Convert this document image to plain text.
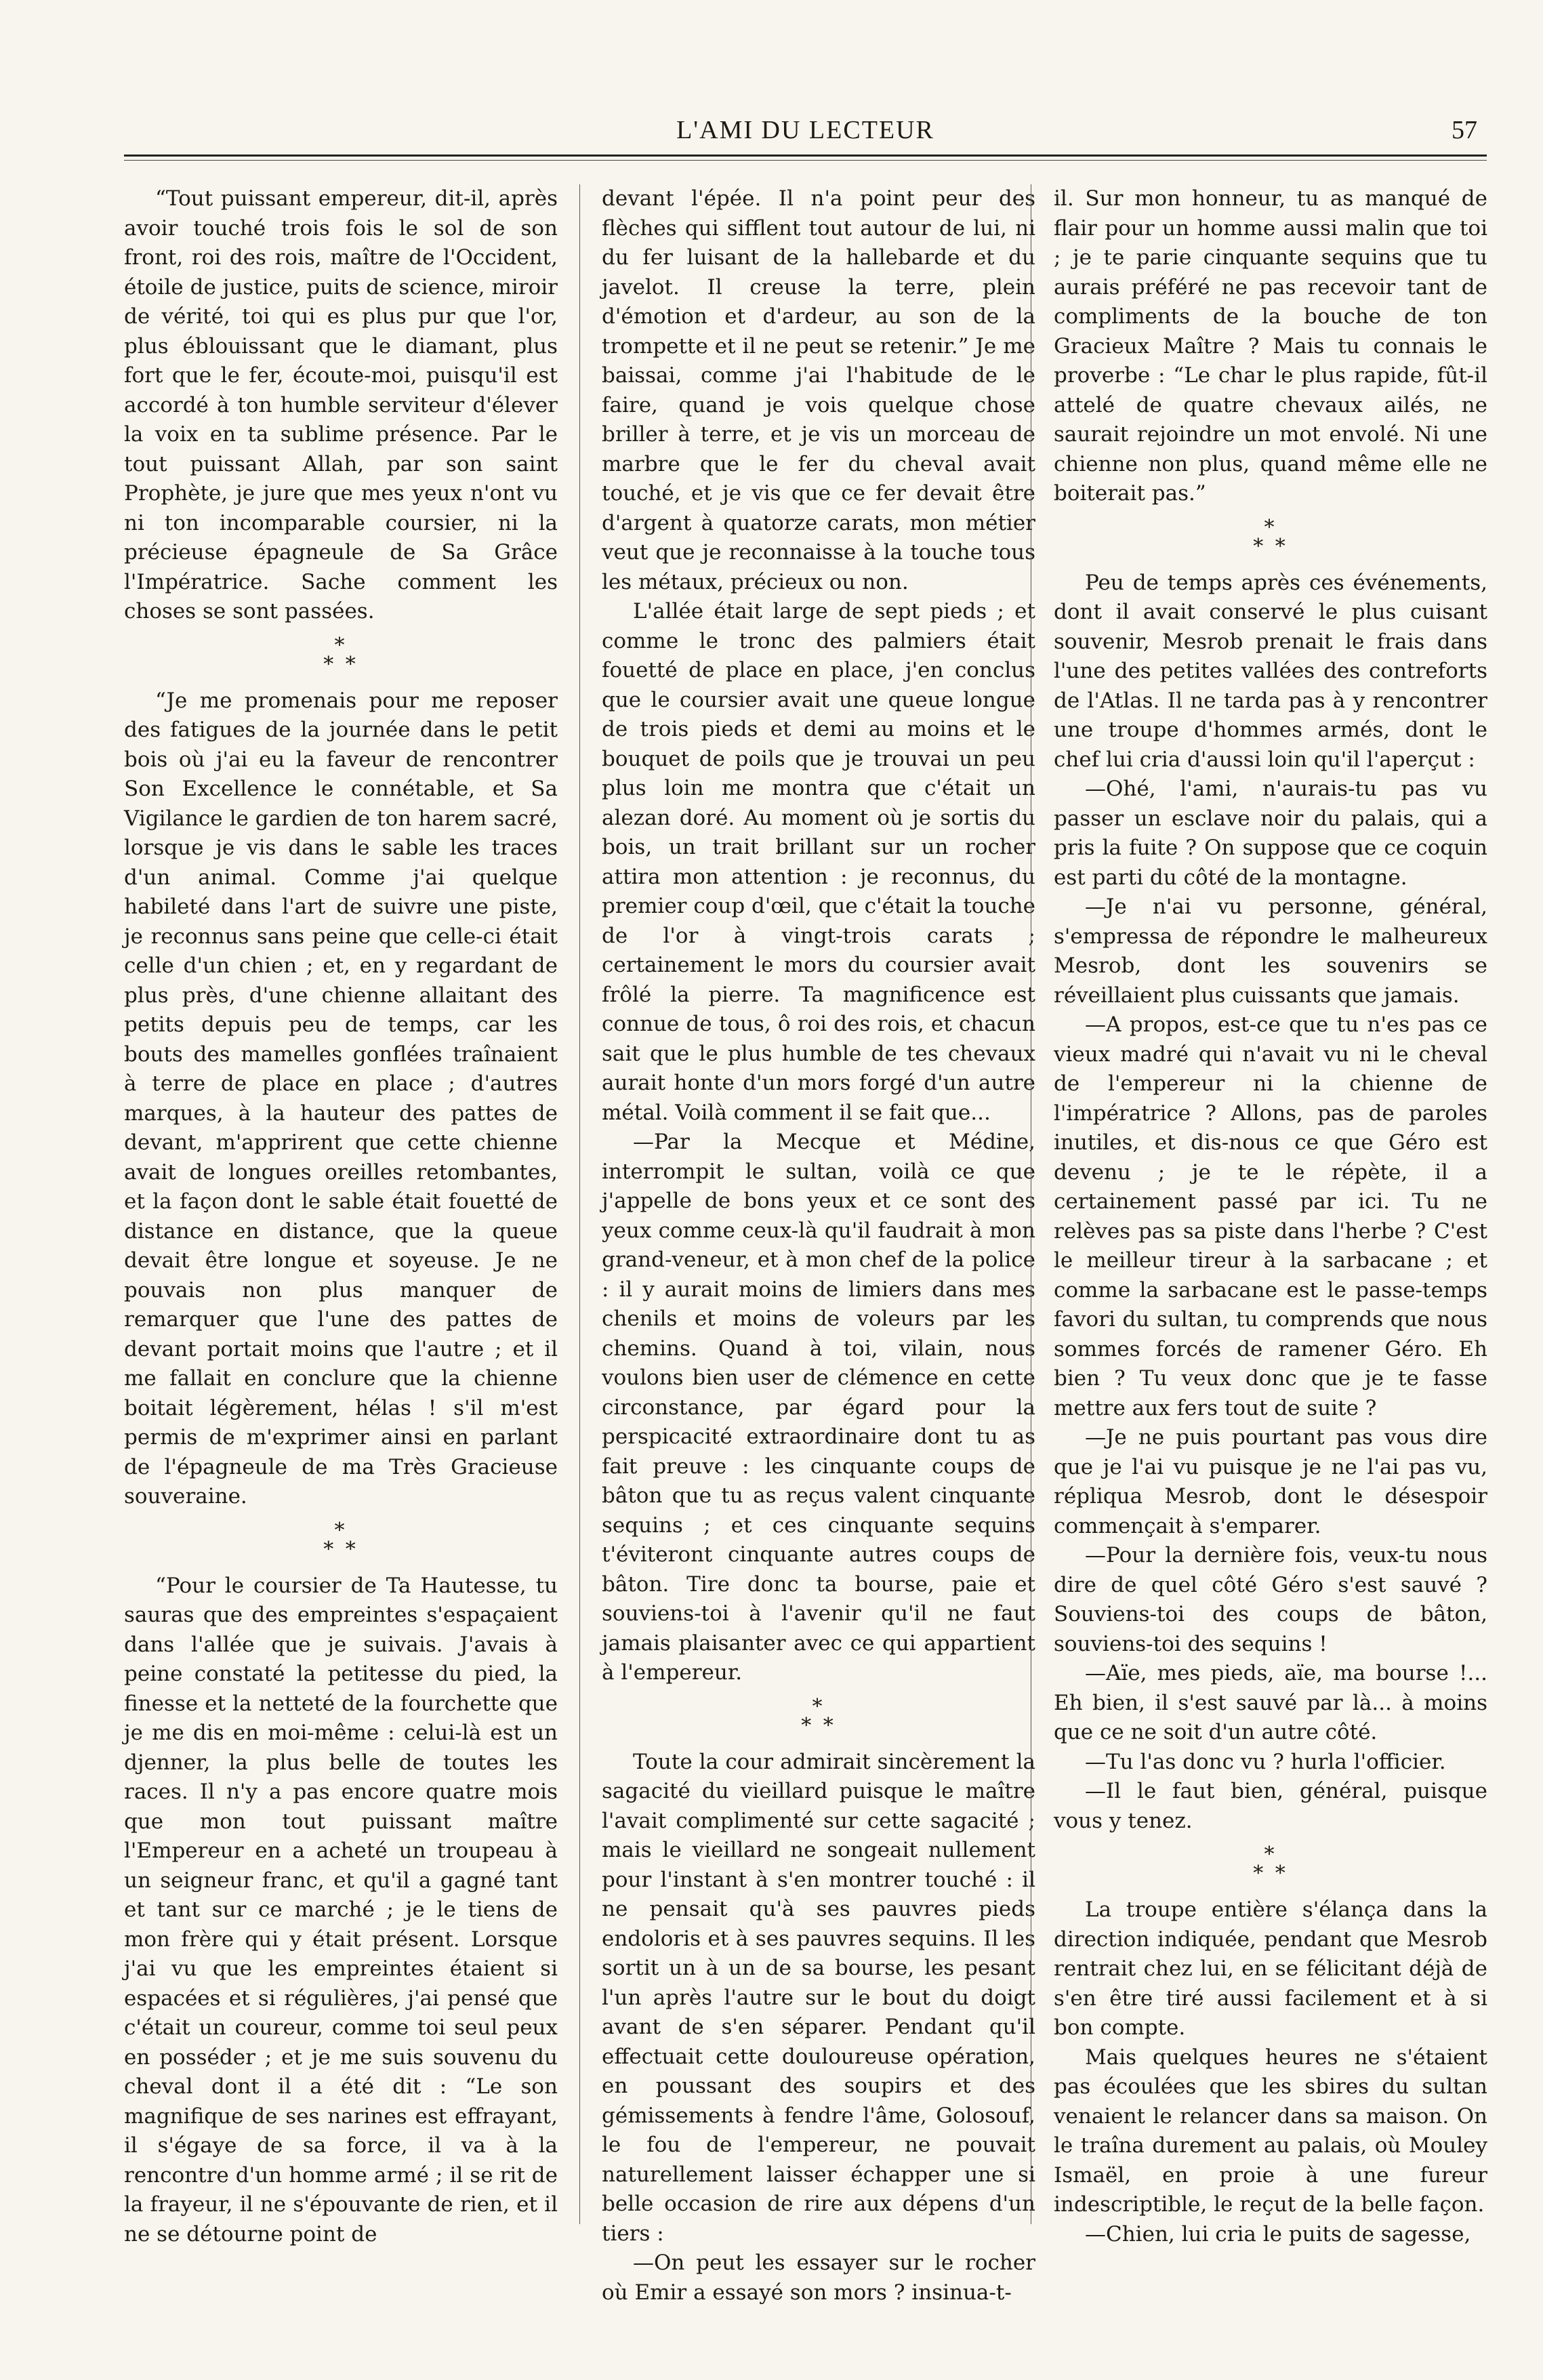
L'AMI DU LECTEUR	57

“Tout puissant empereur, dit-il, après avoir touché trois fois le sol de son front, roi des rois, maître de l'Occident, étoile de justice, puits de science, miroir de vérité, toi qui es plus pur que l'or, plus éblouissant que le diamant, plus fort que le fer, écoute-moi, puisqu'il est accordé à ton humble serviteur d'élever la voix en ta sublime présence. Par le tout puissant Allah, par son saint Prophète, je jure que mes yeux n'ont vu ni ton incomparable coursier, ni la précieuse épagneule de Sa Grâce l'Impératrice. Sache comment les choses se sont passées.

*
* *

“Je me promenais pour me reposer des fatigues de la journée dans le petit bois où j'ai eu la faveur de rencontrer Son Excellence le connétable, et Sa Vigilance le gardien de ton harem sacré, lorsque je vis dans le sable les traces d'un animal. Comme j'ai quelque habileté dans l'art de suivre une piste, je reconnus sans peine que celle-ci était celle d'un chien ; et, en y regardant de plus près, d'une chienne allaitant des petits depuis peu de temps, car les bouts des mamelles gonflées traînaient à terre de place en place ; d'autres marques, à la hauteur des pattes de devant, m'apprirent que cette chienne avait de longues oreilles retombantes, et la façon dont le sable était fouetté de distance en distance, que la queue devait être longue et soyeuse. Je ne pouvais non plus manquer de remarquer que l'une des pattes de devant portait moins que l'autre ; et il me fallait en conclure que la chienne boitait légèrement, hélas ! s'il m'est permis de m'exprimer ainsi en parlant de l'épagneule de ma Très Gracieuse souveraine.

*
* *

“Pour le coursier de Ta Hautesse, tu sauras que des empreintes s'espaçaient dans l'allée que je suivais. J'avais à peine constaté la petitesse du pied, la finesse et la netteté de la fourchette que je me dis en moi-même : celui-là est un djenner, la plus belle de toutes les races. Il n'y a pas encore quatre mois que mon tout puissant maître l'Empereur en a acheté un troupeau à un seigneur franc, et qu'il a gagné tant et tant sur ce marché ; je le tiens de mon frère qui y était présent. Lorsque j'ai vu que les empreintes étaient si espacées et si régulières, j'ai pensé que c'était un coureur, comme toi seul peux en posséder ; et je me suis souvenu du cheval dont il a été dit : “Le son magnifique de ses narines est effrayant, il s'égaye de sa force, il va à la rencontre d'un homme armé ; il se rit de la frayeur, il ne s'épouvante de rien, et il ne se détourne point de

devant l'épée. Il n'a point peur des flèches qui sifflent tout autour de lui, ni du fer luisant de la hallebarde et du javelot. Il creuse la terre, plein d'émotion et d'ardeur, au son de la trompette et il ne peut se retenir.” Je me baissai, comme j'ai l'habitude de le faire, quand je vois quelque chose briller à terre, et je vis un morceau de marbre que le fer du cheval avait touché, et je vis que ce fer devait être d'argent à quatorze carats, mon métier veut que je reconnaisse à la touche tous les métaux, précieux ou non.

L'allée était large de sept pieds ; et comme le tronc des palmiers était fouetté de place en place, j'en conclus que le coursier avait une queue longue de trois pieds et demi au moins et le bouquet de poils que je trouvai un peu plus loin me montra que c'était un alezan doré. Au moment où je sortis du bois, un trait brillant sur un rocher attira mon attention : je reconnus, du premier coup d'œil, que c'était la touche de l'or à vingt-trois carats ; certainement le mors du coursier avait frôlé la pierre. Ta magnificence est connue de tous, ô roi des rois, et chacun sait que le plus humble de tes chevaux aurait honte d'un mors forgé d'un autre métal. Voilà comment il se fait que...

—Par la Mecque et Médine, interrompit le sultan, voilà ce que j'appelle de bons yeux et ce sont des yeux comme ceux-là qu'il faudrait à mon grand-veneur, et à mon chef de la police : il y aurait moins de limiers dans mes chenils et moins de voleurs par les chemins. Quand à toi, vilain, nous voulons bien user de clémence en cette circonstance, par égard pour la perspicacité extraordinaire dont tu as fait preuve : les cinquante coups de bâton que tu as reçus valent cinquante sequins ; et ces cinquante sequins t'éviteront cinquante autres coups de bâton. Tire donc ta bourse, paie et souviens-toi à l'avenir qu'il ne faut jamais plaisanter avec ce qui appartient à l'empereur.

*
* *

Toute la cour admirait sincèrement la sagacité du vieillard puisque le maître l'avait complimenté sur cette sagacité ; mais le vieillard ne songeait nullement pour l'instant à s'en montrer touché : il ne pensait qu'à ses pauvres pieds endoloris et à ses pauvres sequins. Il les sortit un à un de sa bourse, les pesant l'un après l'autre sur le bout du doigt avant de s'en séparer. Pendant qu'il effectuait cette douloureuse opération, en poussant des soupirs et des gémissements à fendre l'âme, Golosouf, le fou de l'empereur, ne pouvait naturellement laisser échapper une si belle occasion de rire aux dépens d'un tiers :

—On peut les essayer sur le rocher où Emir a essayé son mors ? insinua-t-

il. Sur mon honneur, tu as manqué de flair pour un homme aussi malin que toi ; je te parie cinquante sequins que tu aurais préféré ne pas recevoir tant de compliments de la bouche de ton Gracieux Maître ? Mais tu connais le proverbe : “Le char le plus rapide, fût-il attelé de quatre chevaux ailés, ne saurait rejoindre un mot envolé. Ni une chienne non plus, quand même elle ne boiterait pas.”

*
* *

Peu de temps après ces événements, dont il avait conservé le plus cuisant souvenir, Mesrob prenait le frais dans l'une des petites vallées des contreforts de l'Atlas. Il ne tarda pas à y rencontrer une troupe d'hommes armés, dont le chef lui cria d'aussi loin qu'il l'aperçut :

—Ohé, l'ami, n'aurais-tu pas vu passer un esclave noir du palais, qui a pris la fuite ? On suppose que ce coquin est parti du côté de la montagne.

—Je n'ai vu personne, général, s'empressa de répondre le malheureux Mesrob, dont les souvenirs se réveillaient plus cuissants que jamais.

—A propos, est-ce que tu n'es pas ce vieux madré qui n'avait vu ni le cheval de l'empereur ni la chienne de l'impératrice ? Allons, pas de paroles inutiles, et dis-nous ce que Géro est devenu ; je te le répète, il a certainement passé par ici. Tu ne relèves pas sa piste dans l'herbe ? C'est le meilleur tireur à la sarbacane ; et comme la sarbacane est le passe-temps favori du sultan, tu comprends que nous sommes forcés de ramener Géro. Eh bien ? Tu veux donc que je te fasse mettre aux fers tout de suite ?

—Je ne puis pourtant pas vous dire que je l'ai vu puisque je ne l'ai pas vu, répliqua Mesrob, dont le désespoir commençait à s'emparer.

—Pour la dernière fois, veux-tu nous dire de quel côté Géro s'est sauvé ? Souviens-toi des coups de bâton, souviens-toi des sequins !

—Aïe, mes pieds, aïe, ma bourse !... Eh bien, il s'est sauvé par là... à moins que ce ne soit d'un autre côté.

—Tu l'as donc vu ? hurla l'officier.

—Il le faut bien, général, puisque vous y tenez.

*
* *

La troupe entière s'élança dans la direction indiquée, pendant que Mesrob rentrait chez lui, en se félicitant déjà de s'en être tiré aussi facilement et à si bon compte.

Mais quelques heures ne s'étaient pas écoulées que les sbires du sultan venaient le relancer dans sa maison. On le traîna durement au palais, où Mouley Ismaël, en proie à une fureur indescriptible, le reçut de la belle façon.

—Chien, lui cria le puits de sagesse,
